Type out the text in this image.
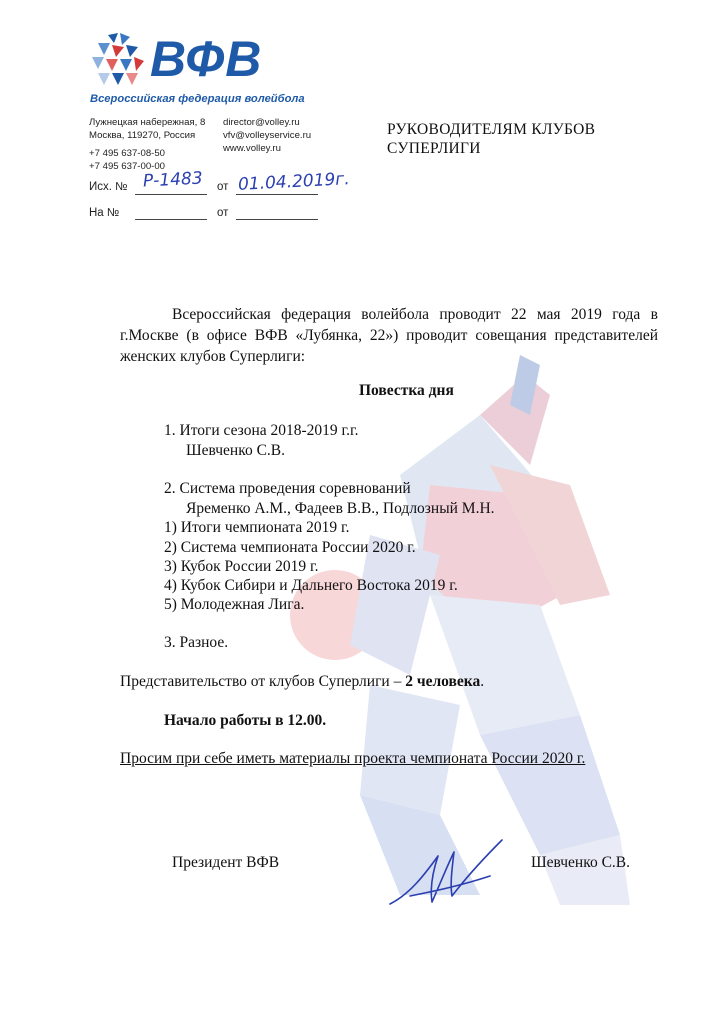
ВФВ
Всероссийская федерация волейбола
Лужнецкая набережная, 8
Москва, 119270, Россия
+7 495 637-08-50
+7 495 637-00-00
director@volley.ru
vfv@volleyservice.ru
www.volley.ru
РУКОВОДИТЕЛЯМ КЛУБОВ
СУПЕРЛИГИ
Исх. № Р-1483 от 01.04.2019г.
На №	от
Всероссийская федерация волейбола проводит 22 мая 2019 года в г.Москве (в офисе ВФВ «Лубянка, 22») проводит совещания представителей женских клубов Суперлиги:
Повестка дня
1. Итоги сезона 2018-2019 г.г.
Шевченко С.В.
2. Система проведения соревнований
Яременко А.М., Фадеев В.В., Подлозный М.Н.
1) Итоги чемпионата 2019 г.
2) Система чемпионата России 2020 г.
3) Кубок России 2019 г.
4) Кубок Сибири и Дальнего Востока 2019 г.
5) Молодежная Лига.
3. Разное.
Представительство от клубов Суперлиги – 2 человека.
Начало работы в 12.00.
Просим при себе иметь материалы проекта чемпионата России 2020 г.
Президент ВФВ	Шевченко С.В.
